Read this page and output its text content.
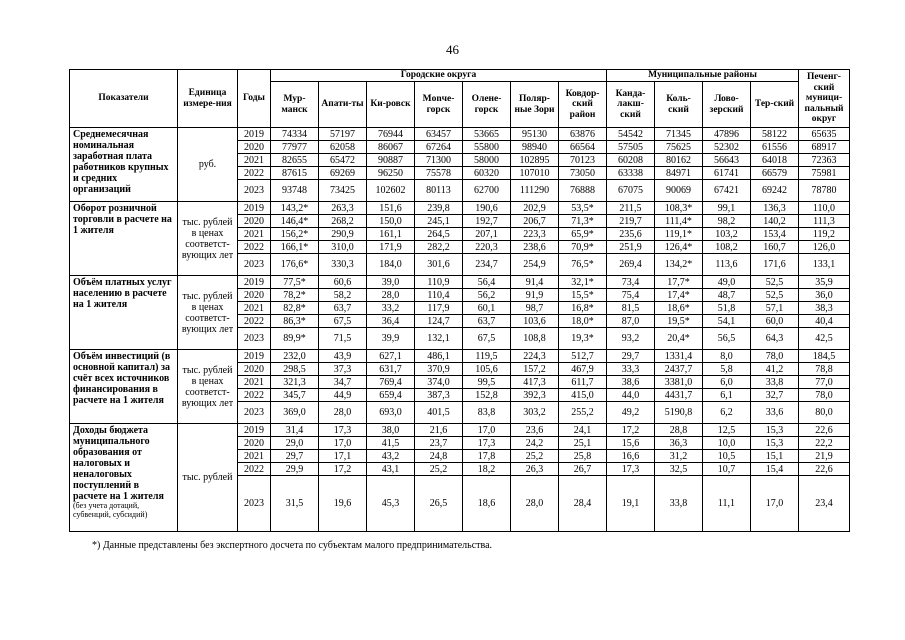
46
Показатели	Единица измере-ния	Годы	Городские округа							Муниципальные районы				Печенг-ский муници-пальный округ
			Мур-манск	Апати-ты	Ки-ровск	Мonче-горск	Олене-горск	Поляр-ные Зори	Ковдор-ский район	Канда-лакш-ский	Коль-ский	Лово-зерский	Тер-ский	
Среднемесячная номинальная заработная плата работников крупных и средних организаций	руб.	2019	74334	57197	76944	63457	53665	95130	63876	54542	71345	47896	58122	65635
		2020	77977	62058	86067	67264	55800	98940	66564	57505	75625	52302	61556	68917
		2021	82655	65472	90887	71300	58000	102895	70123	60208	80162	56643	64018	72363
		2022	87615	69269	96250	75578	60320	107010	73050	63338	84971	61741	66579	75981
		2023	93748	73425	102602	80113	62700	111290	76888	67075	90069	67421	69242	78780
Оборот розничной торговли в расчете на 1 жителя	тыс. рублей в ценах соответст-вующих лет	2019	143,2*	263,3	151,6	239,8	190,6	202,9	53,5*	211,5	108,3*	99,1	136,3	110,0
		2020	146,4*	268,2	150,0	245,1	192,7	206,7	71,3*	219,7	111,4*	98,2	140,2	111,3
		2021	156,2*	290,9	161,1	264,5	207,1	223,3	65,9*	235,6	119,1*	103,2	153,4	119,2
		2022	166,1*	310,0	171,9	282,2	220,3	238,6	70,9*	251,9	126,4*	108,2	160,7	126,0
		2023	176,6*	330,3	184,0	301,6	234,7	254,9	76,5*	269,4	134,2*	113,6	171,6	133,1
Объём платных услуг населению в расчете на 1 жителя	тыс. рублей в ценах соответст-вующих лет	2019	77,5*	60,6	39,0	110,9	56,4	91,4	32,1*	73,4	17,7*	49,0	52,5	35,9
		2020	78,2*	58,2	28,0	110,4	56,2	91,9	15,5*	75,4	17,4*	48,7	52,5	36,0
		2021	82,8*	63,7	33,2	117,9	60,1	98,7	16,8*	81,5	18,6*	51,8	57,1	38,3
		2022	86,3*	67,5	36,4	124,7	63,7	103,6	18,0*	87,0	19,5*	54,1	60,0	40,4
		2023	89,9*	71,5	39,9	132,1	67,5	108,8	19,3*	93,2	20,4*	56,5	64,3	42,5
Объём инвестиций (в основной капитал) за счёт всех источников финансирования в расчете на 1 жителя	тыс. рублей в ценах соответст-вующих лет	2019	232,0	43,9	627,1	486,1	119,5	224,3	512,7	29,7	1331,4	8,0	78,0	184,5
		2020	298,5	37,3	631,7	370,9	105,6	157,2	467,9	33,3	2437,7	5,8	41,2	78,8
		2021	321,3	34,7	769,4	374,0	99,5	417,3	611,7	38,6	3381,0	6,0	33,8	77,0
		2022	345,7	44,9	659,4	387,3	152,8	392,3	415,0	44,0	4431,7	6,1	32,7	78,0
		2023	369,0	28,0	693,0	401,5	83,8	303,2	255,2	49,2	5190,8	6,2	33,6	80,0
Доходы бюджета муниципального образования от налоговых и неналоговых поступлений в расчете на 1 жителя
(без учета дотаций, субвенций, субсидий)	тыс. рублей	2019	31,4	17,3	38,0	21,6	17,0	23,6	24,1	17,2	28,8	12,5	15,3	22,6
		2020	29,0	17,0	41,5	23,7	17,3	24,2	25,1	15,6	36,3	10,0	15,3	22,2
		2021	29,7	17,1	43,2	24,8	17,8	25,2	25,8	16,6	31,2	10,5	15,1	21,9
		2022	29,9	17,2	43,1	25,2	18,2	26,3	26,7	17,3	32,5	10,7	15,4	22,6
		2023	31,5	19,6	45,3	26,5	18,6	28,0	28,4	19,1	33,8	11,1	17,0	23,4
*) Данные представлены без экспертного досчета по субъектам малого предпринимательства.
